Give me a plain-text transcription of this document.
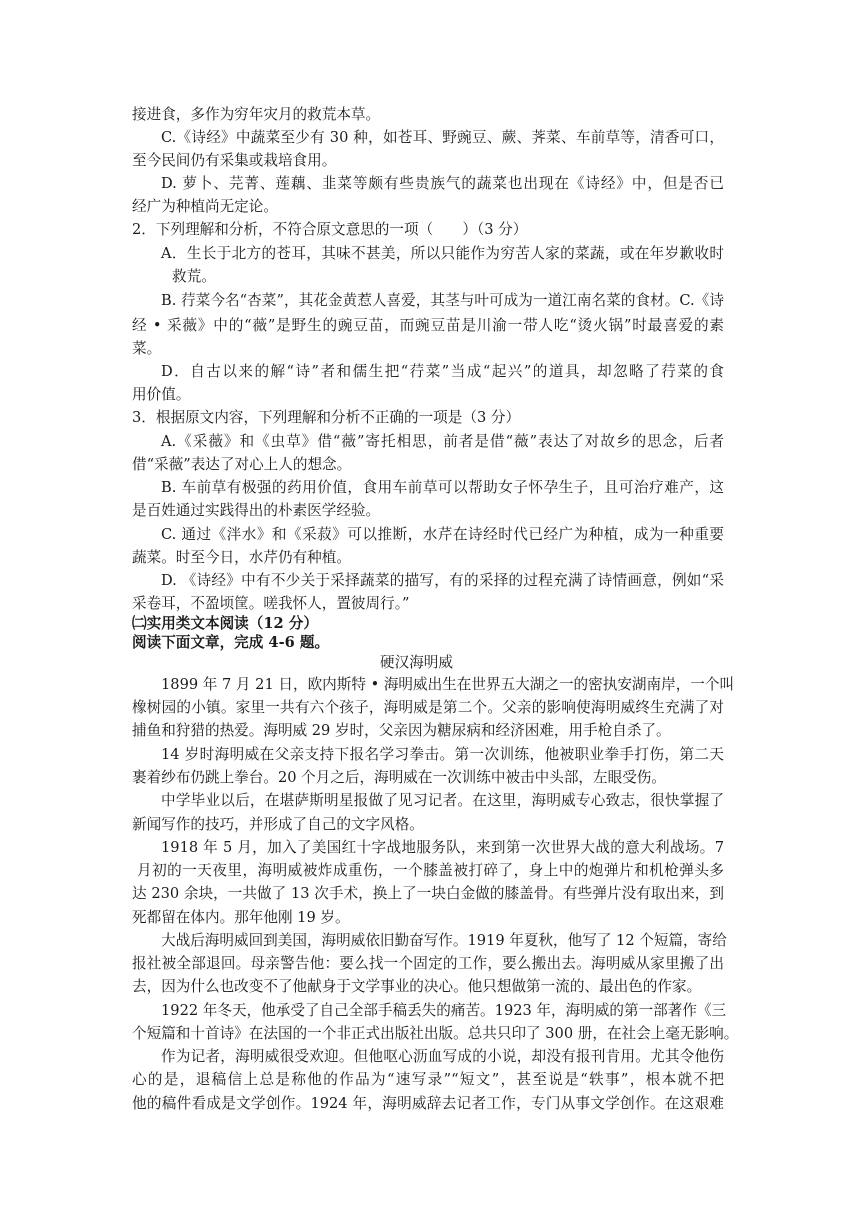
接进食，多作为穷年灾月的救荒本草。
C.《诗经》中蔬菜至少有 30 种，如苍耳、野豌豆、蕨、荠菜、车前草等，清香可口，
至今民间仍有采集或栽培食用。
D. 萝卜、芫菁、莲藕、韭菜等颇有些贵族气的蔬菜也出现在《诗经》中，但是否已
经广为种植尚无定论。
2．下列理解和分析，不符合原文意思的一项（　　）（3 分）
A．生长于北方的苍耳，其味不甚美，所以只能作为穷苦人家的菜蔬，或在年岁歉收时
救荒。
B. 荇菜今名“杏菜”，其花金黄惹人喜爱，其茎与叶可成为一道江南名菜的食材。C.《诗
经 • 采薇》中的“薇”是野生的豌豆苗，而豌豆苗是川渝一带人吃“烫火锅”时最喜爱的素
菜。
D．自古以来的解“诗”者和儒生把“荇菜”当成“起兴”的道具，却忽略了荇菜的食
用价值。
3．根据原文内容，下列理解和分析不正确的一项是（3 分）
A.《采薇》和《虫草》借“薇”寄托相思，前者是借“薇”表达了对故乡的思念，后者
借“采薇”表达了对心上人的想念。
B. 车前草有极强的药用价值，食用车前草可以帮助女子怀孕生子，且可治疗难产，这
是百姓通过实践得出的朴素医学经验。
C. 通过《泮水》和《采菽》可以推断，水芹在诗经时代已经广为种植，成为一种重要
蔬菜。时至今日，水芹仍有种植。
D. 《诗经》中有不少关于采择蔬菜的描写，有的采择的过程充满了诗情画意，例如“采
采卷耳，不盈顷筐。嗟我怀人，置彼周行。”
㈡实用类文本阅读（12 分）
阅读下面文章，完成 4-6 题。
硬汉海明威
1899 年 7 月 21 日，欧内斯特 • 海明威出生在世界五大湖之一的密执安湖南岸，一个叫
橡树园的小镇。家里一共有六个孩子，海明威是第二个。父亲的影响使海明威终生充满了对
捕鱼和狩猎的热爱。海明威 29 岁时，父亲因为糖尿病和经济困难，用手枪自杀了。
14 岁时海明威在父亲支持下报名学习拳击。第一次训练，他被职业拳手打伤，第二天
裹着纱布仍跳上拳台。20 个月之后，海明威在一次训练中被击中头部，左眼受伤。
中学毕业以后，在堪萨斯明星报做了见习记者。在这里，海明威专心致志，很快掌握了
新闻写作的技巧，并形成了自己的文字风格。
1918 年 5 月，加入了美国红十字战地服务队，来到第一次世界大战的意大利战场。7
月初的一天夜里，海明威被炸成重伤，一个膝盖被打碎了，身上中的炮弹片和机枪弹头多
达 230 余块，一共做了 13 次手术，换上了一块白金做的膝盖骨。有些弹片没有取出来，到
死都留在体内。那年他刚 19 岁。
大战后海明威回到美国，海明威依旧勤奋写作。1919 年夏秋，他写了 12 个短篇，寄给
报社被全部退回。母亲警告他：要么找一个固定的工作，要么搬出去。海明威从家里搬了出
去，因为什么也改变不了他献身于文学事业的决心。他只想做第一流的、最出色的作家。
1922 年冬天，他承受了自己全部手稿丢失的痛苦。1923 年，海明威的第一部著作《三
个短篇和十首诗》在法国的一个非正式出版社出版。总共只印了 300 册，在社会上毫无影响。
作为记者，海明威很受欢迎。但他呕心沥血写成的小说，却没有报刊肯用。尤其令他伤
心的是，退稿信上总是称他的作品为“速写录”“短文”，甚至说是“轶事”，根本就不把
他的稿件看成是文学创作。1924 年，海明威辞去记者工作，专门从事文学创作。在这艰难
